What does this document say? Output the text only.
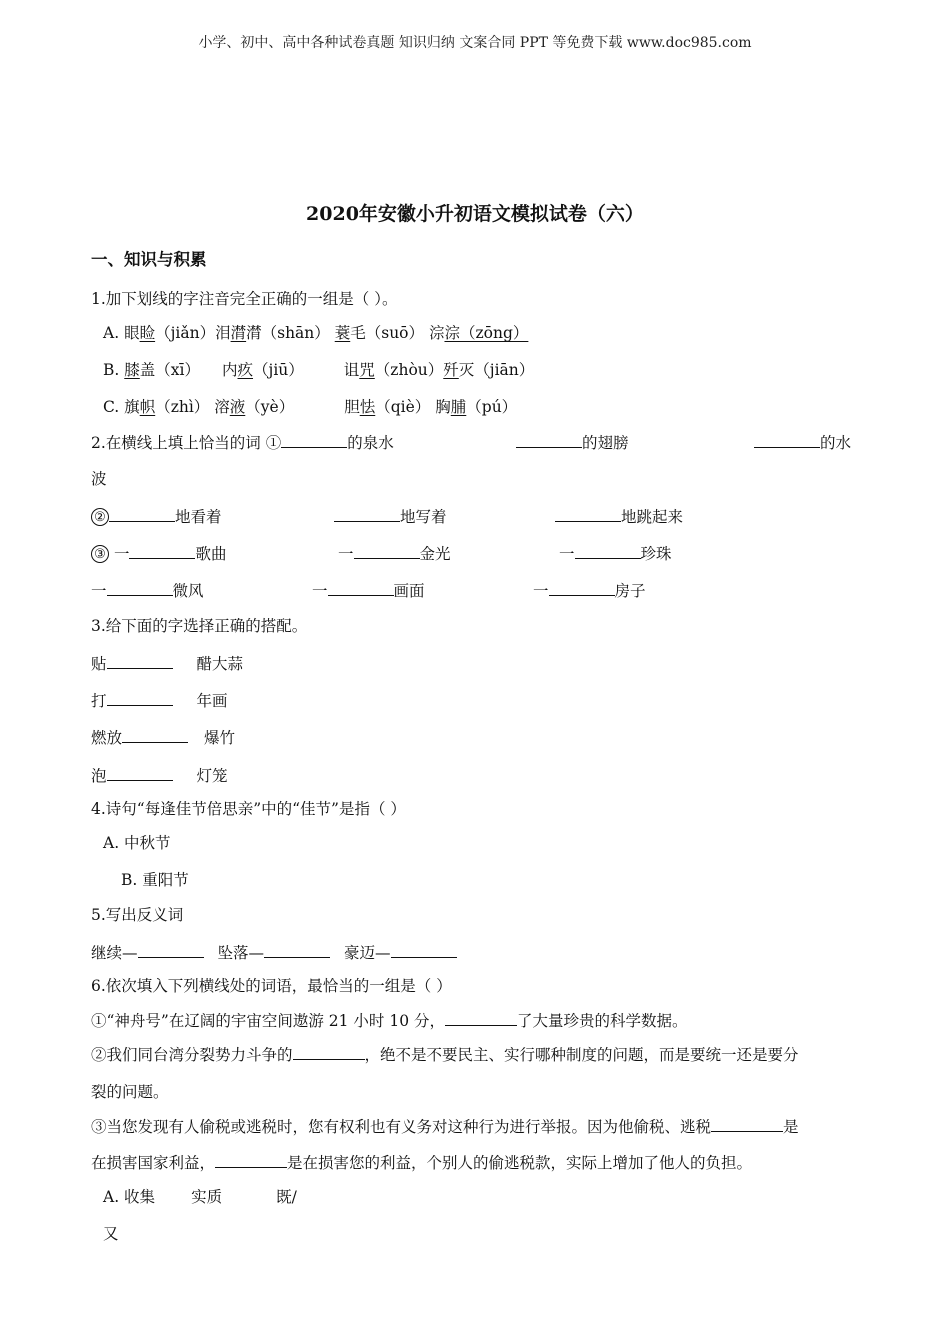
小学、初中、高中各种试卷真题 知识归纳 文案合同 PPT 等免费下载 www.doc985.com
2020年安徽小升初语文模拟试卷（六）
一、知识与积累
1.加下划线的字注音完全正确的一组是（ ）。
A. 眼睑（jiǎn）泪潸潸（shān） 蓑毛（suō） 淙淙（zōng）
B. 膝盖（xī） 内疚（jiū）	诅咒（zhòu）歼灭（jiān）
C. 旗帜（zhì） 溶液（yè）	胆怯（qiè） 胸脯（pú）
2.在横线上填上恰当的词 ①	的泉水	的翅膀	的水
波
②	地看着	地写着	地跳起来
③ 一	歌曲	一	金光	一	珍珠
一	微风	一	画面	一	房子
3.给下面的字选择正确的搭配。
贴	醋大蒜
打	年画
燃放	爆竹
泡	灯笼
4.诗句“每逢佳节倍思亲”中的“佳节”是指（ ）
A. 中秋节
B. 重阳节
5.写出反义词
继续—	坠落—	豪迈—
6.依次填入下列横线处的词语，最恰当的一组是（ ）
①“神舟号”在辽阔的宇宙空间遨游 21 小时 10 分，	了大量珍贵的科学数据。
②我们同台湾分裂势力斗争的	，绝不是不要民主、实行哪种制度的问题，而是要统一还是要分
裂的问题。
③当您发现有人偷税或逃税时，您有权利也有义务对这种行为进行举报。因为他偷税、逃税	是
在损害国家利益，	是在损害您的利益，个别人的偷逃税款，实际上增加了他人的负担。
A. 收集 实质	既/
又
